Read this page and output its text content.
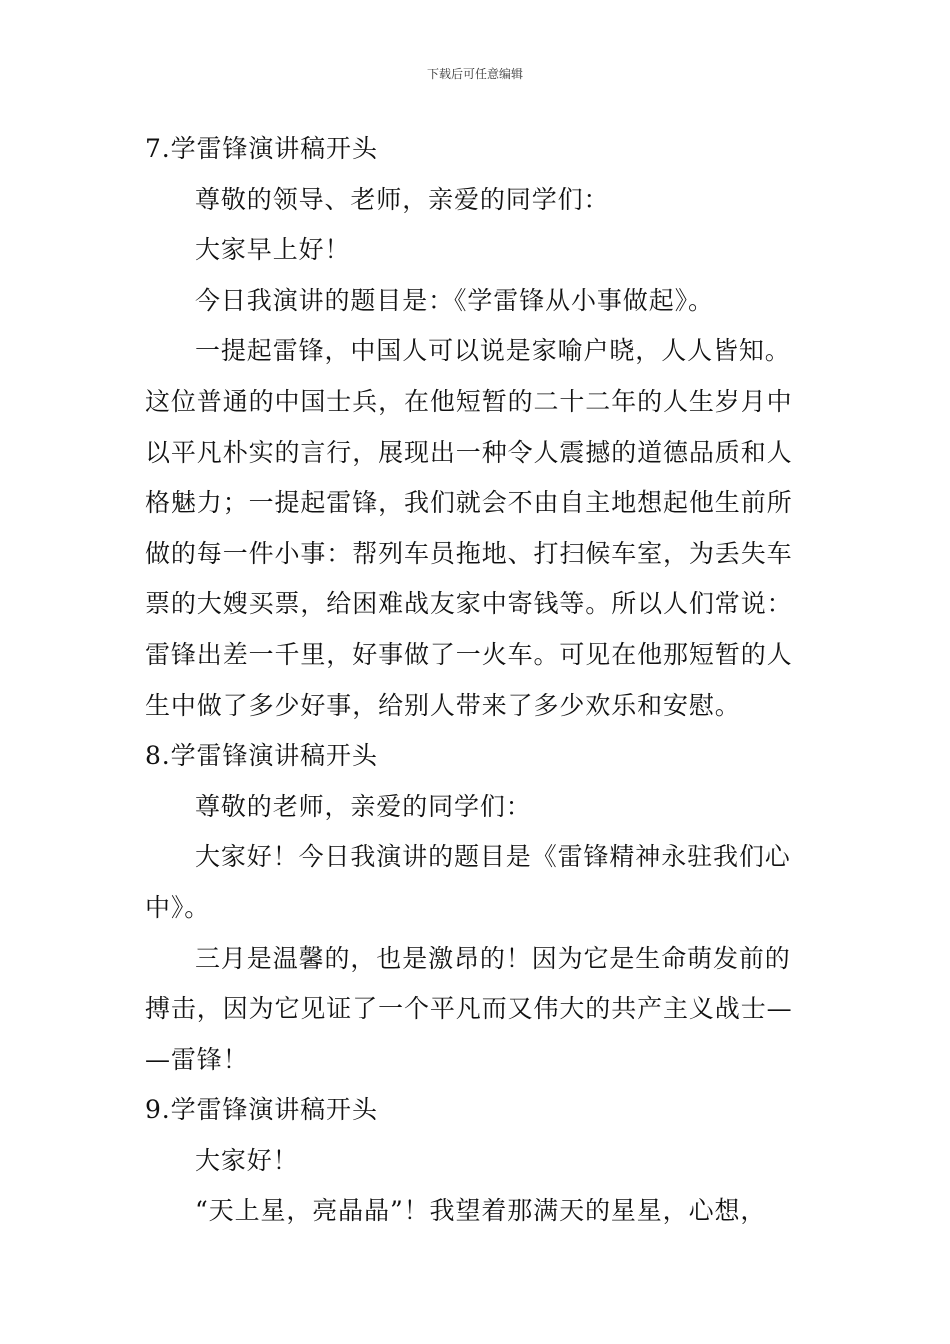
下载后可任意编辑
7.学雷锋演讲稿开头
尊敬的领导、老师，亲爱的同学们：
大家早上好！
今日我演讲的题目是：《学雷锋从小事做起》。
一提起雷锋，中国人可以说是家喻户晓，人人皆知。
这位普通的中国士兵，在他短暂的二十二年的人生岁月中
以平凡朴实的言行，展现出一种令人震撼的道德品质和人
格魅力；一提起雷锋，我们就会不由自主地想起他生前所
做的每一件小事：帮列车员拖地、打扫候车室，为丢失车
票的大嫂买票，给困难战友家中寄钱等。所以人们常说：
雷锋出差一千里，好事做了一火车。可见在他那短暂的人
生中做了多少好事，给别人带来了多少欢乐和安慰。
8.学雷锋演讲稿开头
尊敬的老师，亲爱的同学们：
大家好！今日我演讲的题目是《雷锋精神永驻我们心
中》。
三月是温馨的，也是激昂的！因为它是生命萌发前的
搏击，因为它见证了一个平凡而又伟大的共产主义战士—
—雷锋！
9.学雷锋演讲稿开头
大家好！
“天上星，亮晶晶”！我望着那满天的星星，心想，
